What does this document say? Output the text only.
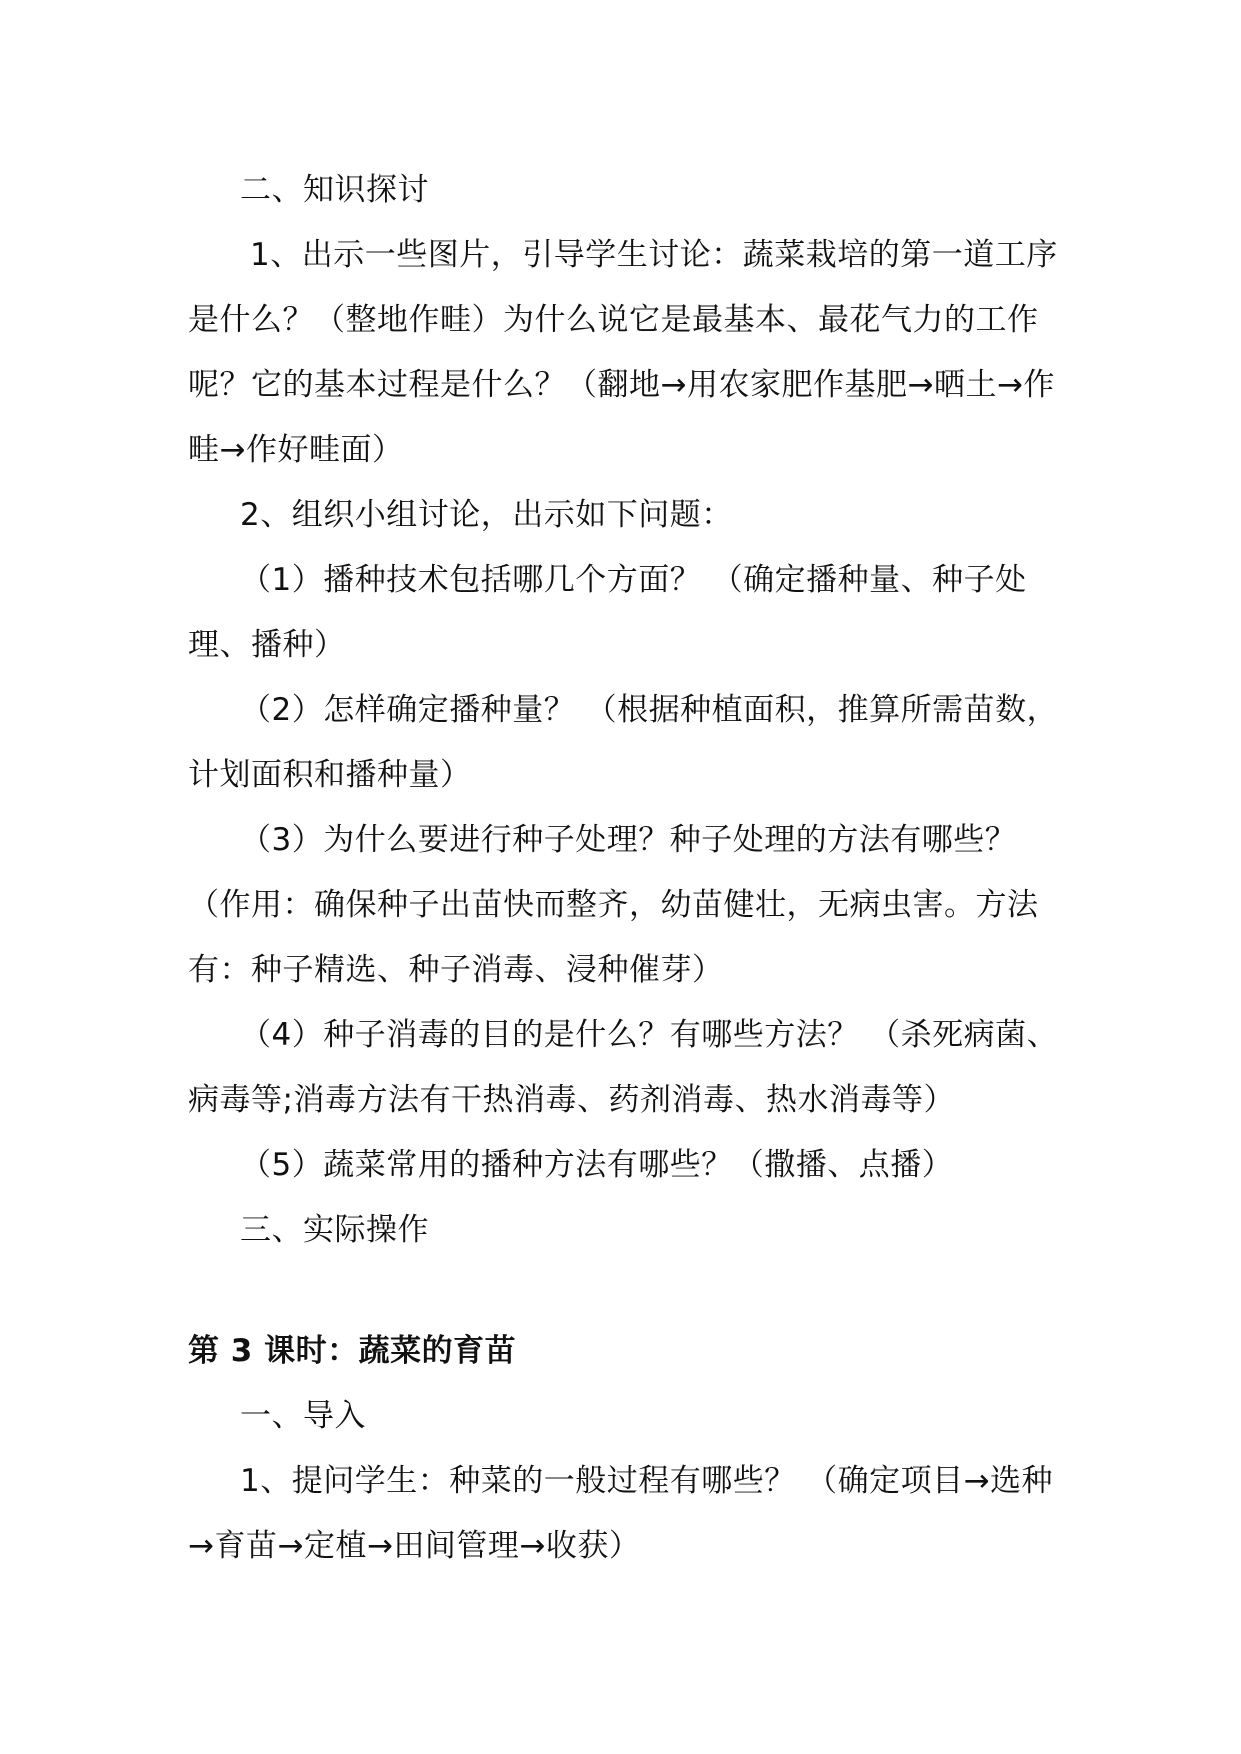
二、知识探讨

1、出示一些图片，引导学生讨论：蔬菜栽培的第一道工序是什么？（整地作畦）为什么说它是最基本、最花气力的工作呢？它的基本过程是什么？（翻地→用农家肥作基肥→晒土→作畦→作好畦面）

2、组织小组讨论，出示如下问题：

（1）播种技术包括哪几个方面？ （确定播种量、种子处理、播种）

（2）怎样确定播种量？ （根据种植面积，推算所需苗数，计划面积和播种量）

（3）为什么要进行种子处理？种子处理的方法有哪些？（作用：确保种子出苗快而整齐，幼苗健壮，无病虫害。方法有：种子精选、种子消毒、浸种催芽）

（4）种子消毒的目的是什么？有哪些方法？ （杀死病菌、病毒等;消毒方法有干热消毒、药剂消毒、热水消毒等）

（5）蔬菜常用的播种方法有哪些？（撒播、点播）

三、实际操作

第 3 课时：蔬菜的育苗

一、导入

1、提问学生：种菜的一般过程有哪些？ （确定项目→选种→育苗→定植→田间管理→收获）
